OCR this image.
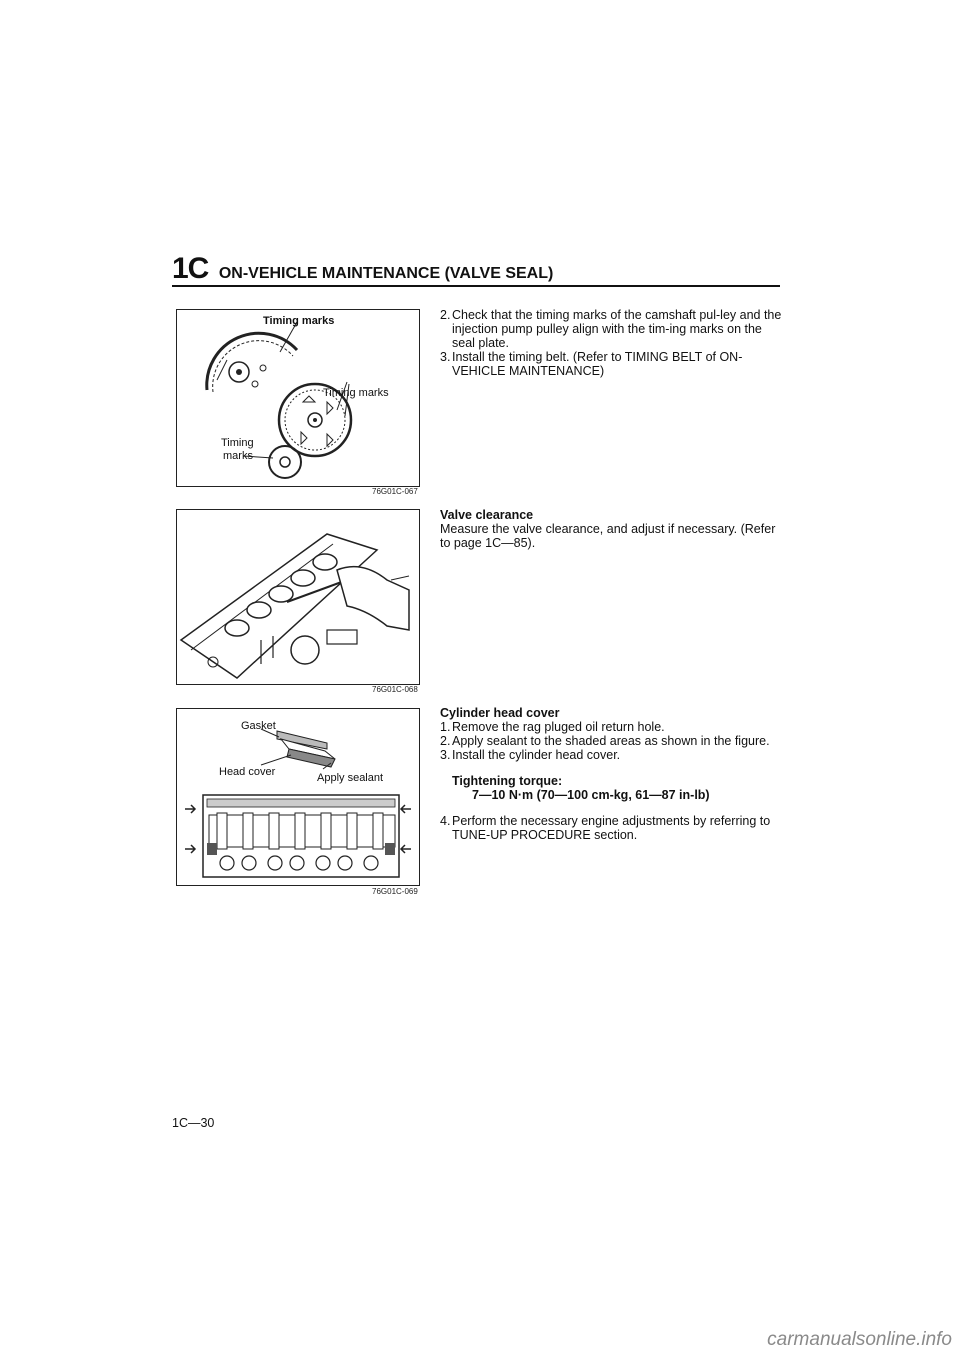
1C ON-VEHICLE MAINTENANCE (VALVE SEAL)
Timing marks
Timing marks
Timing
marks
76G01C-067
76G01C-068
Gasket
Head cover	Apply sealant
76G01C-069
2. Check that the timing marks of the camshaft pul-ley and the injection pump pulley align with the tim-ing marks on the seal plate.
3. Install the timing belt. (Refer to TIMING BELT of ON-VEHICLE MAINTENANCE)
Valve clearance
Measure the valve clearance, and adjust if necessary. (Refer to page 1C—85).
Cylinder head cover
1. Remove the rag pluged oil return hole.
2. Apply sealant to the shaded areas as shown in the figure.
3. Install the cylinder head cover.
Tightening torque:
7—10 N·m (70—100 cm-kg, 61—87 in-lb)
4. Perform the necessary engine adjustments by referring to TUNE-UP PROCEDURE section.
1C—30
carmanualsonline.info
